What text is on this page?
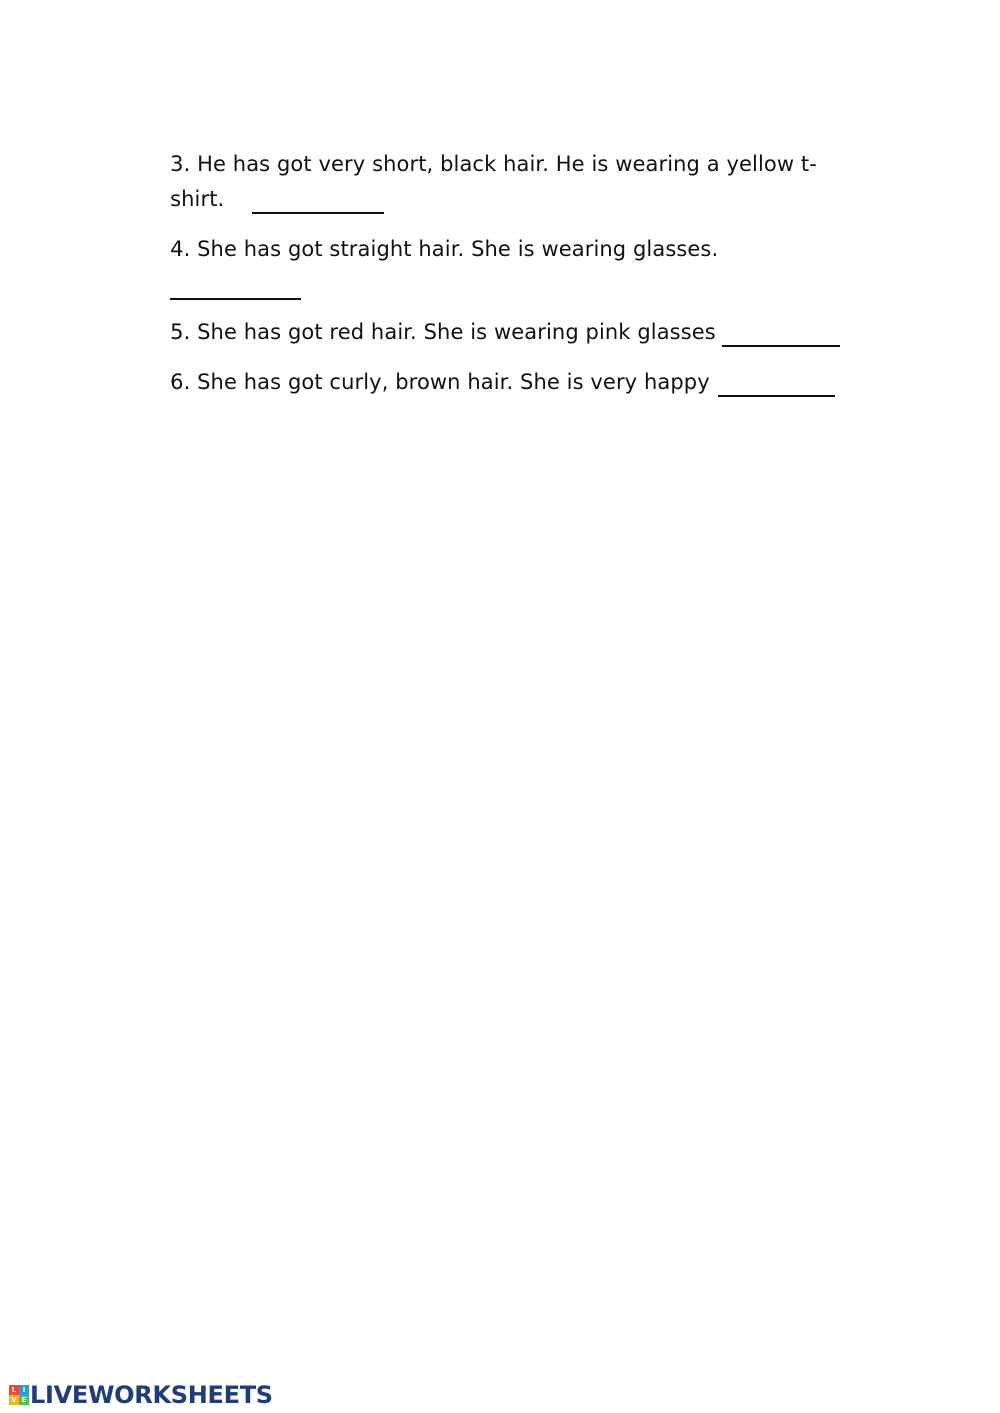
3. He has got very short, black hair. He is wearing a yellow t-

shirt.

4. She has got straight hair. She is wearing glasses.

5. She has got red hair. She is wearing pink glasses

6. She has got curly, brown hair. She is very happy

L I
V E LIVEWORKSHEETS
